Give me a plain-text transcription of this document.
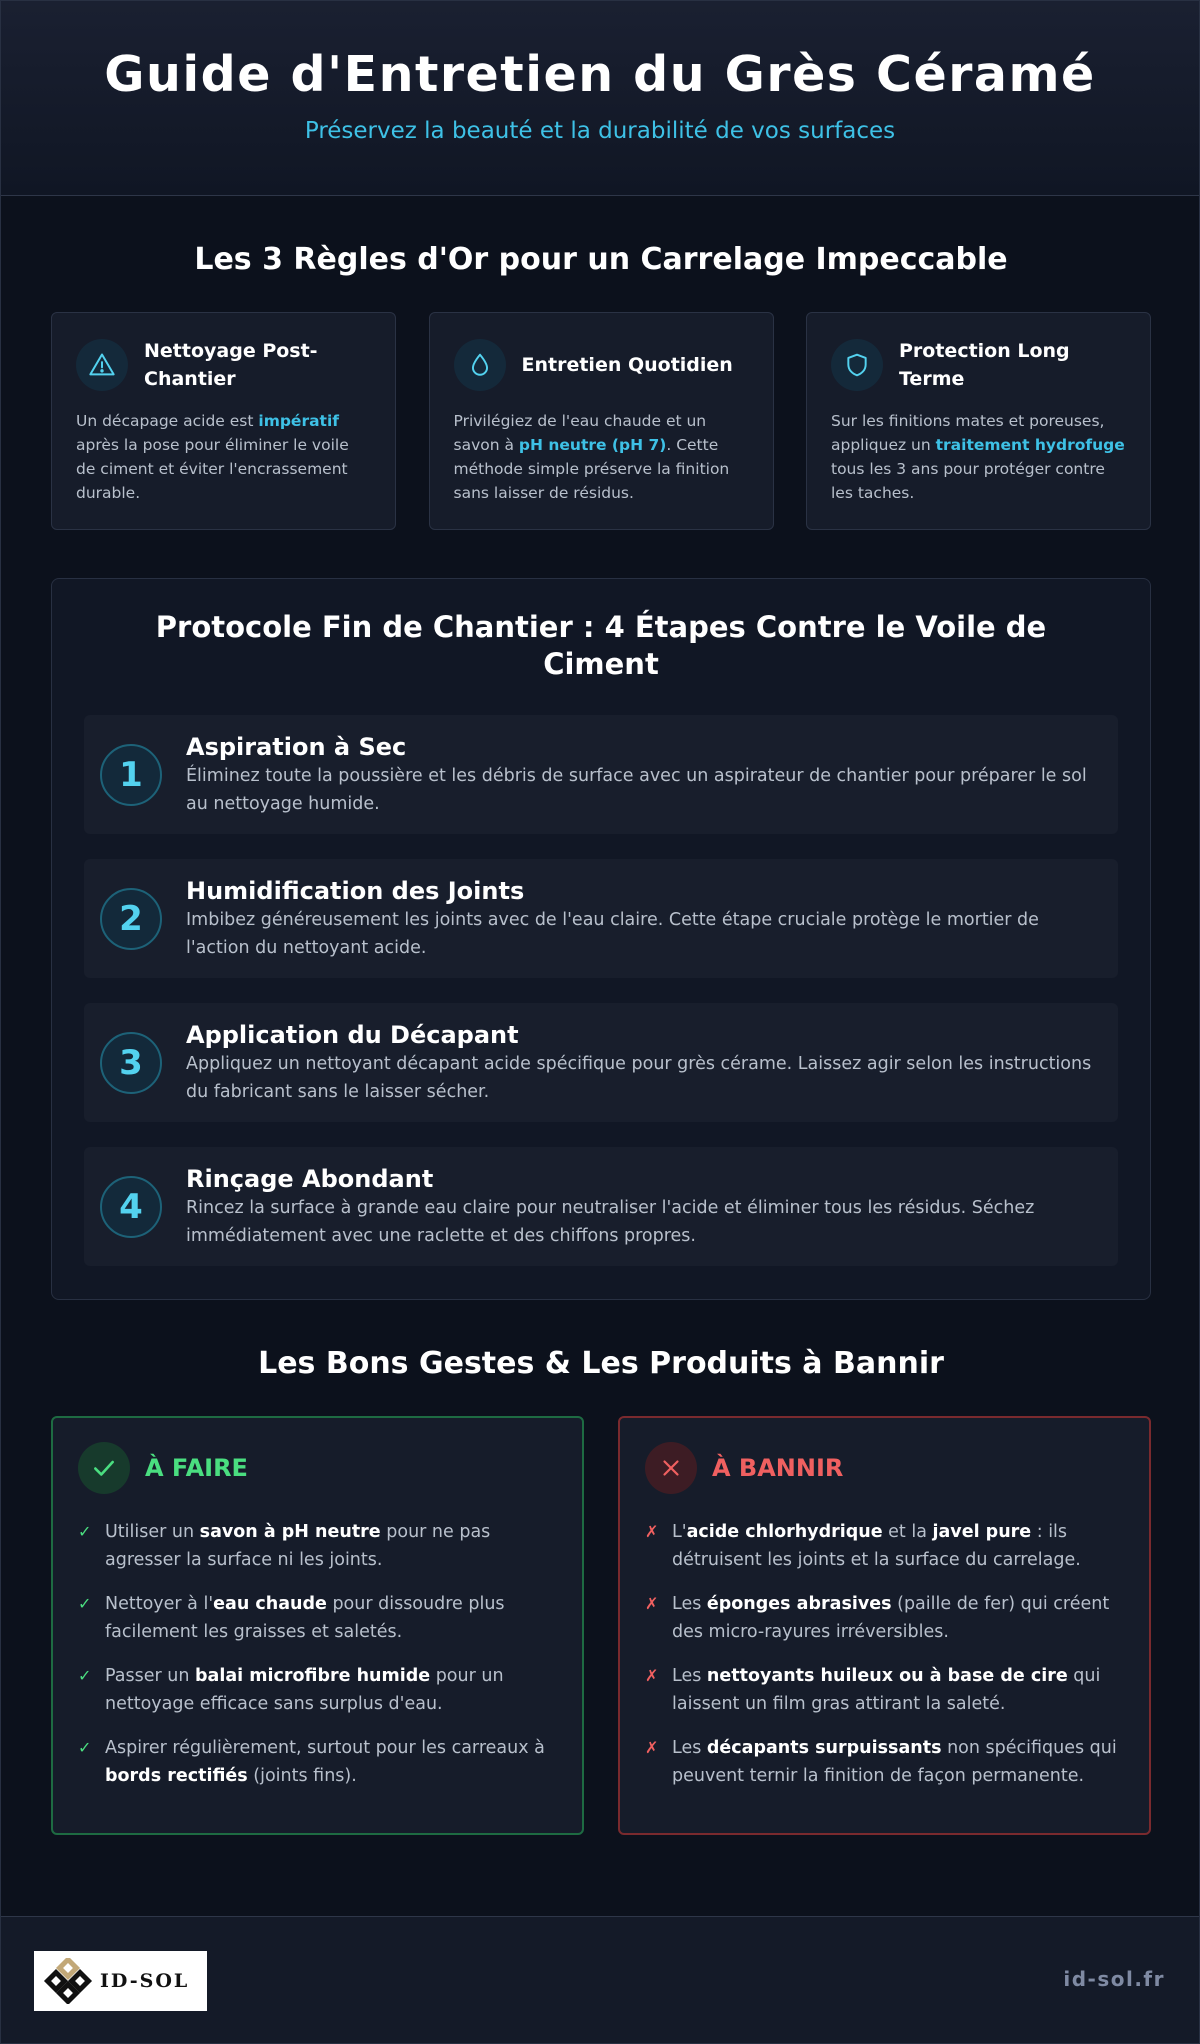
Guide d'Entretien du Grès Céramé
Préservez la beauté et la durabilité de vos surfaces
Les 3 Règles d'Or pour un Carrelage Impeccable
Nettoyage Post-Chantier

Un décapage acide est impératif après la pose pour éliminer le voile de ciment et éviter l'encrassement durable.

Entretien Quotidien

Privilégiez de l'eau chaude et un savon à pH neutre (pH 7). Cette méthode simple préserve la finition sans laisser de résidus.

Protection Long Terme

Sur les finitions mates et poreuses, appliquez un traitement hydrofuge tous les 3 ans pour protéger contre les taches.

Protocole Fin de Chantier : 4 Étapes Contre le Voile de Ciment
1
Aspiration à Sec
Éliminez toute la poussière et les débris de surface avec un aspirateur de chantier pour préparer le sol au nettoyage humide.
2
Humidification des Joints
Imbibez généreusement les joints avec de l'eau claire. Cette étape cruciale protège le mortier de l'action du nettoyant acide.
3
Application du Décapant
Appliquez un nettoyant décapant acide spécifique pour grès cérame. Laissez agir selon les instructions du fabricant sans le laisser sécher.
4
Rinçage Abondant
Rincez la surface à grande eau claire pour neutraliser l'acide et éliminer tous les résidus. Séchez immédiatement avec une raclette et des chiffons propres.
Les Bons Gestes & Les Produits à Bannir
À FAIRE
✓ Utiliser un savon à pH neutre pour ne pas agresser la surface ni les joints.
✓ Nettoyer à l'eau chaude pour dissoudre plus facilement les graisses et saletés.
✓ Passer un balai microfibre humide pour un nettoyage efficace sans surplus d'eau.
✓ Aspirer régulièrement, surtout pour les carreaux à bords rectifiés (joints fins).
À BANNIR
✗ L'acide chlorhydrique et la javel pure : ils détruisent les joints et la surface du carrelage.
✗ Les éponges abrasives (paille de fer) qui créent des micro-rayures irréversibles.
✗ Les nettoyants huileux ou à base de cire qui laissent un film gras attirant la saleté.
✗ Les décapants surpuissants non spécifiques qui peuvent ternir la finition de façon permanente.
ID-SOL	id-sol.fr
